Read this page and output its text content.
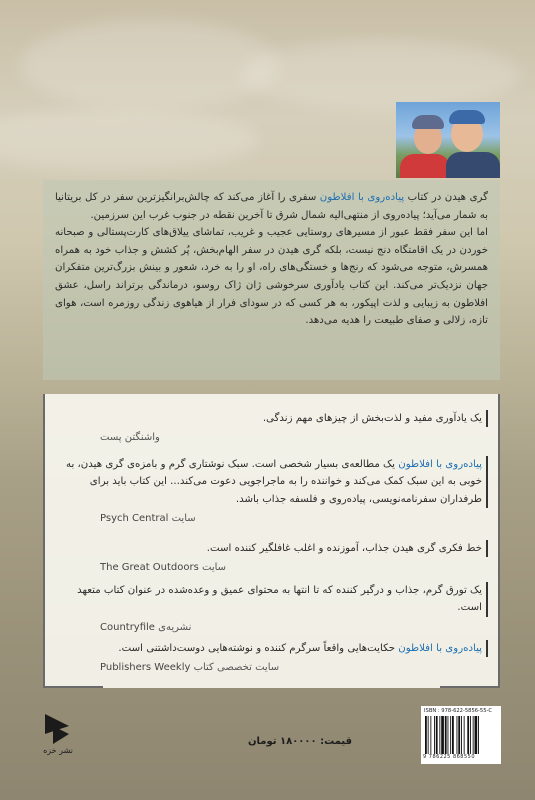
گری هیدن در کتاب پیاده‌روی با افلاطون سفری را آغاز می‌کند که چالش‌برانگیزترین سفر در کل بریتانیا به شمار می‌آید؛ پیاده‌روی از منتهی‌الیه شمال شرق تا آخرین نقطه در جنوب غرب این سرزمین.

اما این سفر فقط عبور از مسیرهای روستایی عجیب و غریب، تماشای ییلاق‌های کارت‌پستالی و صبحانه خوردن در یک اقامتگاه دنج نیست، بلکه گری هیدن در سفر الهام‌بخش، پُر کشش و جذاب خود به همراه همسرش، متوجه می‌شود که رنج‌ها و خستگی‌های راه، او را به خرد، شعور و بینش بزرگ‌ترین متفکران جهان نزدیک‌تر می‌کند. این کتاب یادآوری سرخوشی ژان ژاک روسو، درماندگی برتراند راسل، عشق افلاطون به زیبایی و لذت اپیکور، به هر کسی که در سودای فرار از هیاهوی زندگی روزمره است، هوای تازه، زلالی و صفای طبیعت را هدیه می‌دهد.

یک یادآوری مفید و لذت‌بخش از چیزهای مهم زندگی.
واشنگتن پست
پیاده‌روی با افلاطون یک مطالعه‌ی بسیار شخصی است. سبک نوشتاری گرم و بامزه‌ی گری هیدن، به خوبی به این سبک کمک می‌کند و خواننده را به ماجراجویی دعوت می‌کند... این کتاب باید برای طرفداران سفرنامه‌نویسی، پیاده‌روی و فلسفه جذاب باشد.
Psych Central سایت
خط فکری گری هیدن جذاب، آموزنده و اغلب غافلگیر کننده است.
The Great Outdoors سایت
یک تورق گرم، جذاب و درگیر کننده که تا انتها به محتوای عمیق و وعده‌شده در عنوان کتاب متعهد است.
Countryfile نشریه‌ی
پیاده‌روی با افلاطون حکایت‌هایی واقعاً سرگرم کننده و نوشته‌هایی دوست‌داشتنی است.
Publishers Weekly سایت تخصصی کتاب
نشر خزه
قیمت: ۱۸۰۰۰۰ تومان
ISBN : 978-622-5856-55-C
9 786225 868550
